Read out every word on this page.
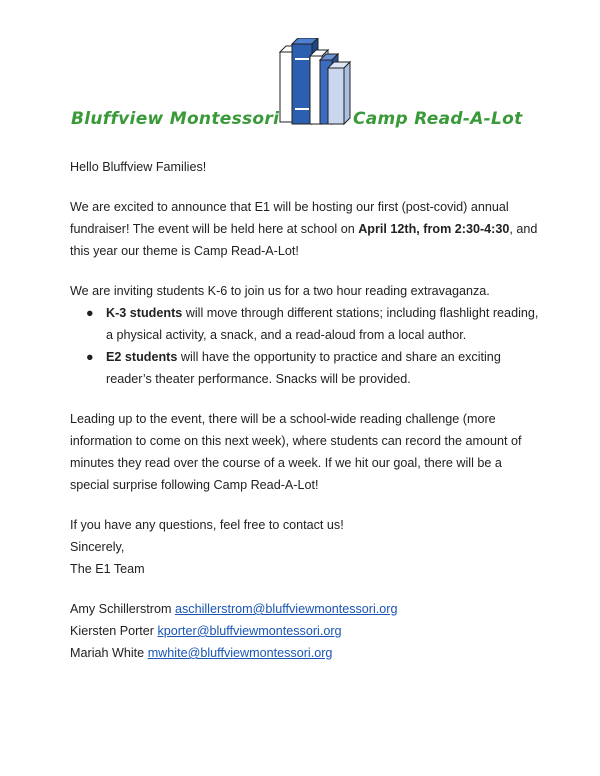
Bluffview Montessori	Camp Read-A-Lot

Hello Bluffview Families!

We are excited to announce that E1 will be hosting our first (post-covid) annual fundraiser! The event will be held here at school on April 12th, from 2:30-4:30, and this year our theme is Camp Read-A-Lot!

We are inviting students K-6 to join us for a two hour reading extravaganza.

● K-3 students will move through different stations; including flashlight reading, a physical activity, a snack, and a read-aloud from a local author.
● E2 students will have the opportunity to practice and share an exciting reader’s theater performance. Snacks will be provided.

Leading up to the event, there will be a school-wide reading challenge (more information to come on this next week), where students can record the amount of minutes they read over the course of a week. If we hit our goal, there will be a special surprise following Camp Read-A-Lot!

If you have any questions, feel free to contact us!

Sincerely,

The E1 Team

Amy Schillerstrom aschillerstrom@bluffviewmontessori.org

Kiersten Porter kporter@bluffviewmontessori.org

Mariah White mwhite@bluffviewmontessori.org
